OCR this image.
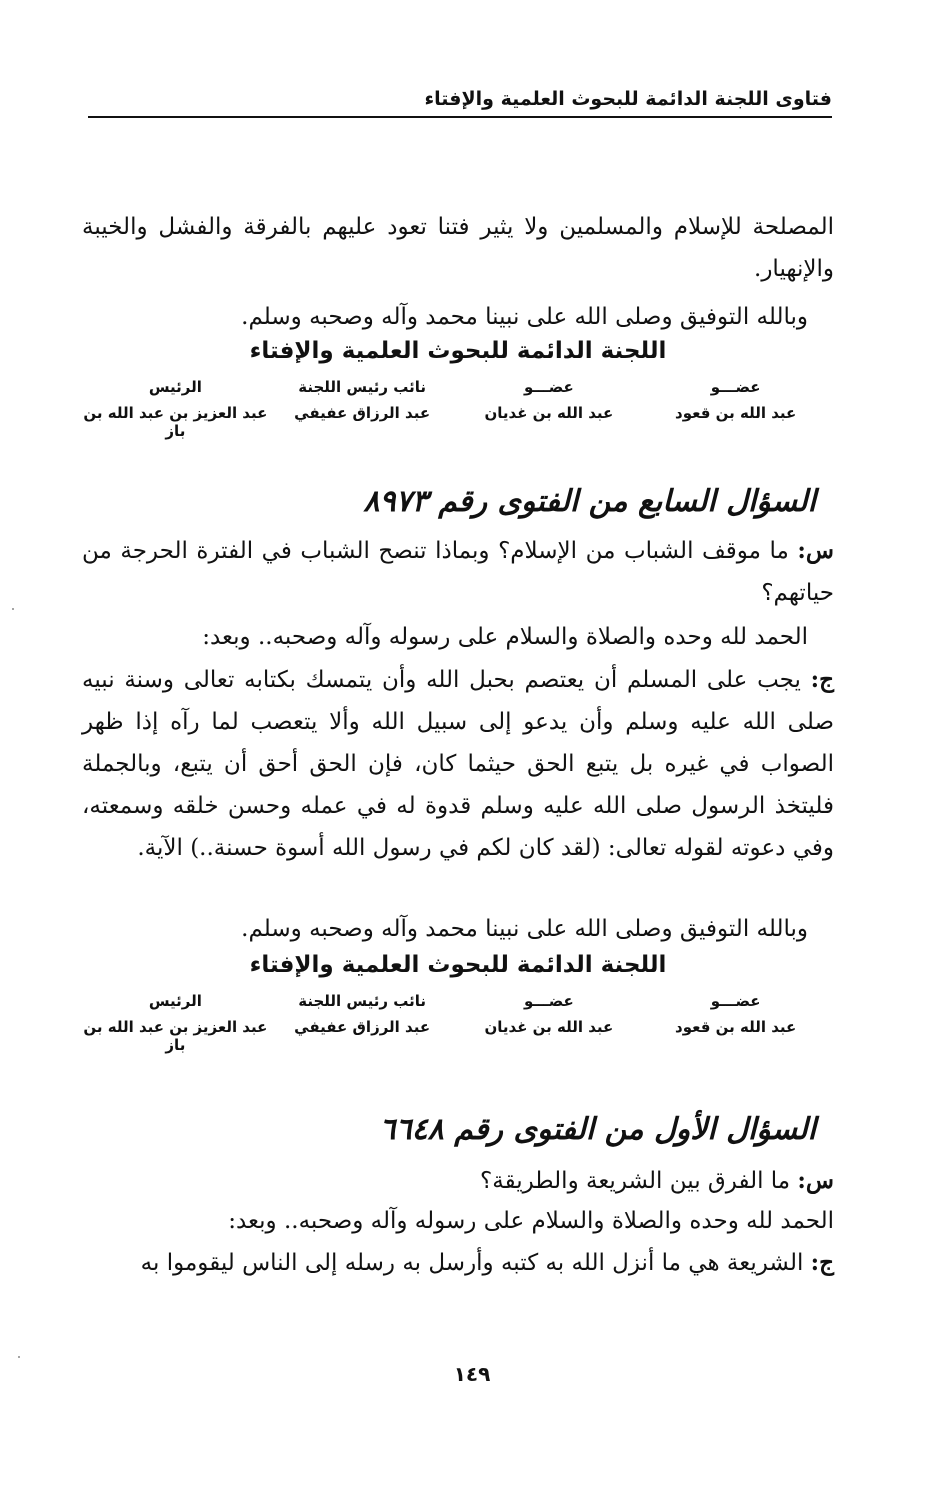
فتاوى اللجنة الدائمة للبحوث العلمية والإفتاء
المصلحة للإسلام والمسلمين ولا يثير فتنا تعود عليهم بالفرقة والفشل والخيبة والإنهيار.
وبالله التوفيق وصلى الله على نبينا محمد وآله وصحبه وسلم.
اللجنة الدائمة للبحوث العلمية والإفتاء
عضـــو
عبد الله بن قعود
عضـــو
عبد الله بن غديان
نائب رئيس اللجنة
عبد الرزاق عفيفي
الرئيس
عبد العزيز بن عبد الله بن باز
السؤال السابع من الفتوى رقم ٨٩٧٣
س: ما موقف الشباب من الإسلام؟ وبماذا تنصح الشباب في الفترة الحرجة من حياتهم؟
الحمد لله وحده والصلاة والسلام على رسوله وآله وصحبه.. وبعد:
ج: يجب على المسلم أن يعتصم بحبل الله وأن يتمسك بكتابه تعالى وسنة نبيه صلى الله عليه وسلم وأن يدعو إلى سبيل الله وألا يتعصب لما رآه إذا ظهر الصواب في غيره بل يتبع الحق حيثما كان، فإن الحق أحق أن يتبع، وبالجملة فليتخذ الرسول صلى الله عليه وسلم قدوة له في عمله وحسن خلقه وسمعته، وفي دعوته لقوله تعالى: (لقد كان لكم في رسول الله أسوة حسنة..) الآية.
وبالله التوفيق وصلى الله على نبينا محمد وآله وصحبه وسلم.
اللجنة الدائمة للبحوث العلمية والإفتاء
عضـــو
عبد الله بن قعود
عضـــو
عبد الله بن غديان
نائب رئيس اللجنة
عبد الرزاق عفيفي
الرئيس
عبد العزيز بن عبد الله بن باز
السؤال الأول من الفتوى رقم ٦٦٤٨
س: ما الفرق بين الشريعة والطريقة؟
الحمد لله وحده والصلاة والسلام على رسوله وآله وصحبه.. وبعد:
ج: الشريعة هي ما أنزل الله به كتبه وأرسل به رسله إلى الناس ليقوموا به
١٤٩
